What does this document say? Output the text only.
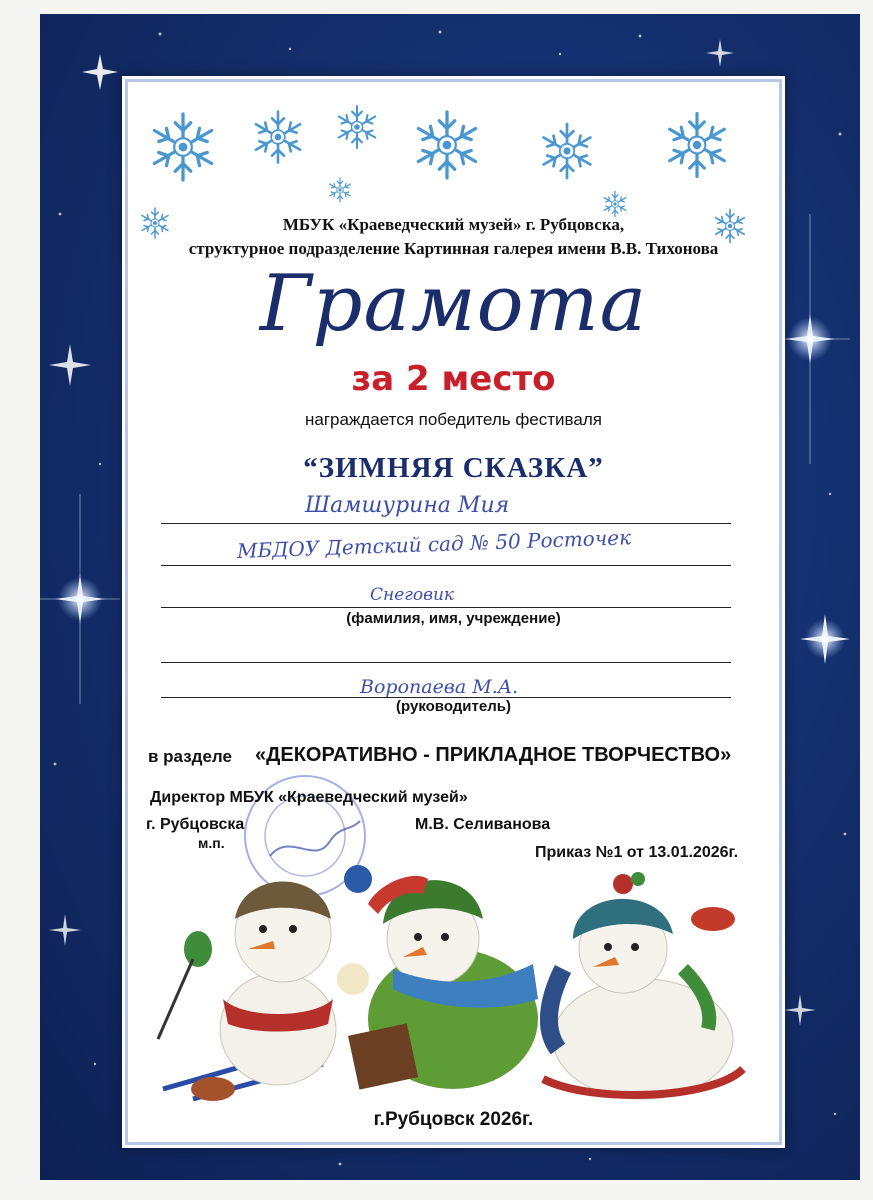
МБУК «Краеведческий музей» г. Рубцовска,
структурное подразделение Картинная галерея имени В.В. Тихонова
Грамота
за 2 место
награждается победитель фестиваля
“ЗИМНЯЯ СКАЗКА”
Шамшурина Мия
МБДОУ Детский сад № 50 Росточек
Снеговик
(фамилия, имя, учреждение)
Воропаева М.А.
(руководитель)
в разделе «ДЕКОРАТИВНО - ПРИКЛАДНОЕ ТВОРЧЕСТВО»
Директор МБУК «Краеведческий музей»
г. Рубцовска
м.п.
М.В. Селиванова
Приказ №1 от 13.01.2026г.
г.Рубцовск 2026г.
